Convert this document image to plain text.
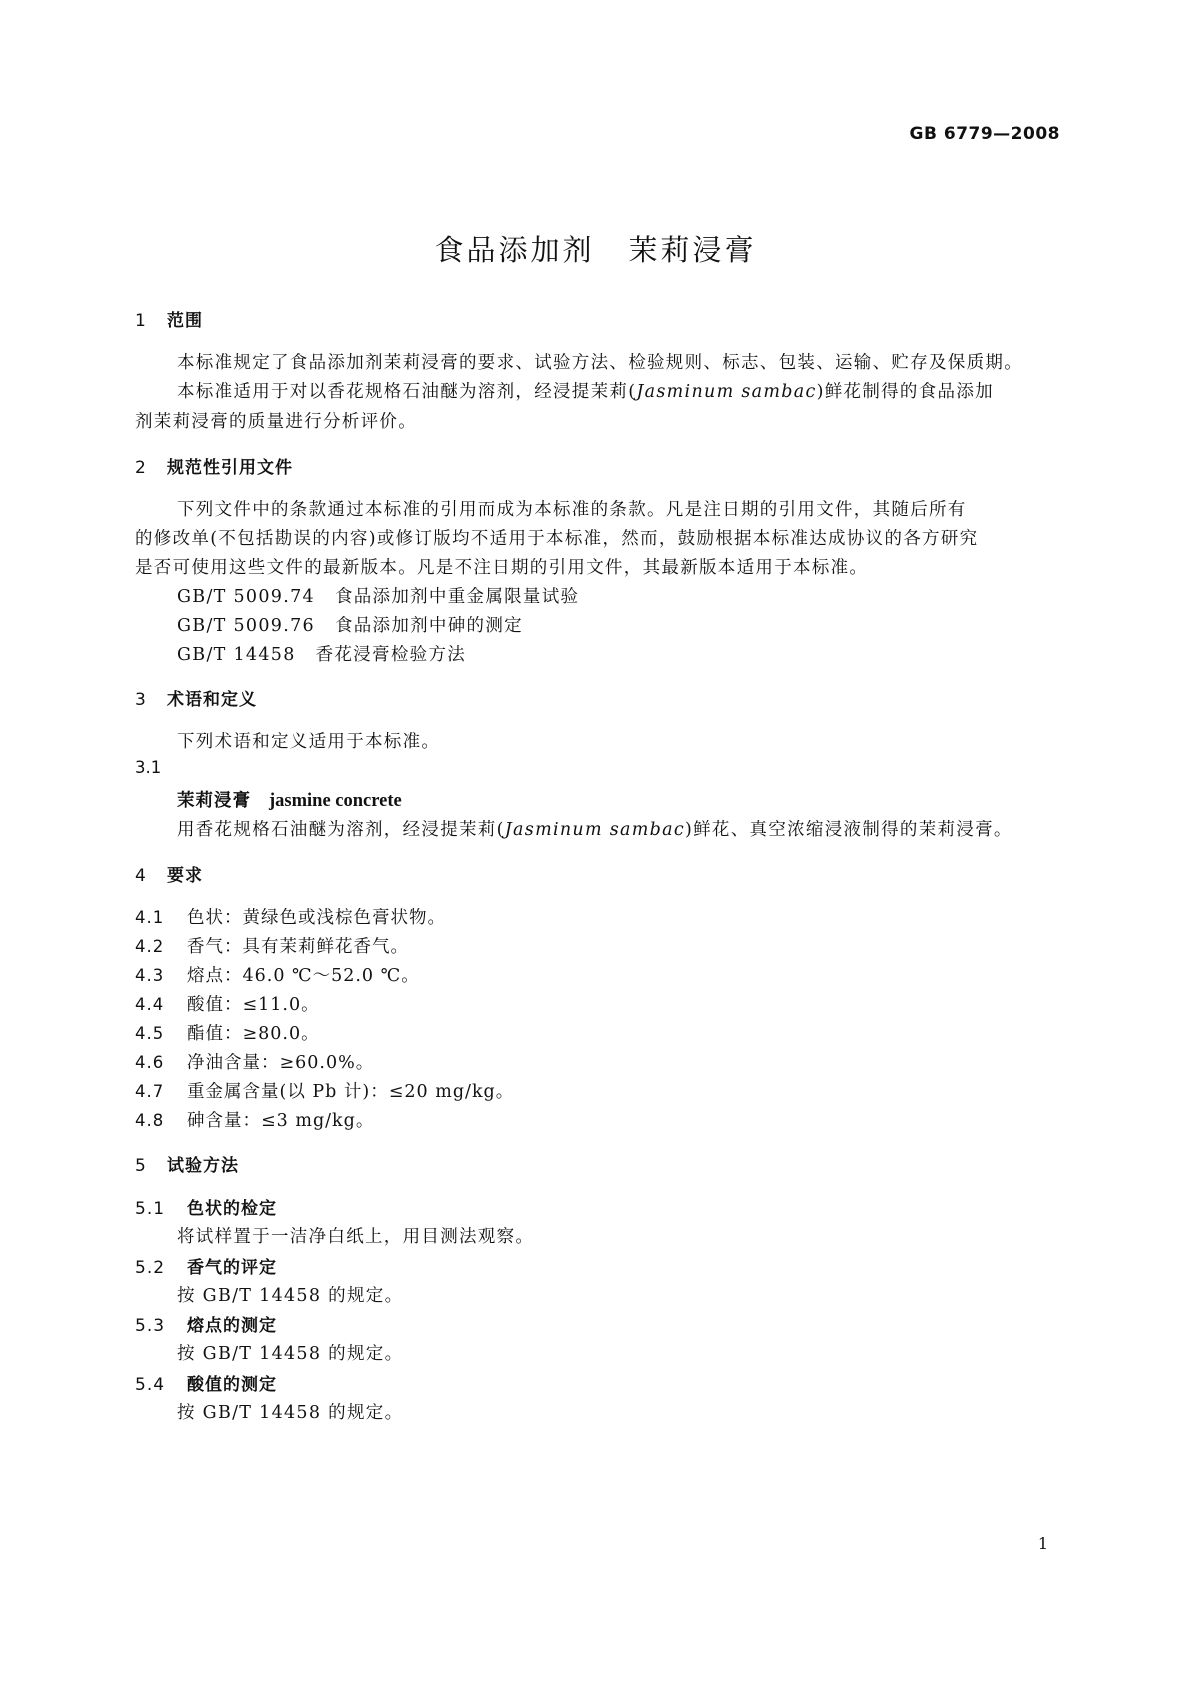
GB 6779—2008
食品添加剂 茉莉浸膏
1 范围
本标准规定了食品添加剂茉莉浸膏的要求、试验方法、检验规则、标志、包装、运输、贮存及保质期。
本标准适用于对以香花规格石油醚为溶剂，经浸提茉莉(Jasminum sambac)鲜花制得的食品添加
剂茉莉浸膏的质量进行分析评价。
2 规范性引用文件
下列文件中的条款通过本标准的引用而成为本标准的条款。凡是注日期的引用文件，其随后所有
的修改单(不包括勘误的内容)或修订版均不适用于本标准，然而，鼓励根据本标准达成协议的各方研究
是否可使用这些文件的最新版本。凡是不注日期的引用文件，其最新版本适用于本标准。
GB/T 5009.74 食品添加剂中重金属限量试验
GB/T 5009.76 食品添加剂中砷的测定
GB/T 14458 香花浸膏检验方法
3 术语和定义
下列术语和定义适用于本标准。
3.1
茉莉浸膏 jasmine concrete
用香花规格石油醚为溶剂，经浸提茉莉(Jasminum sambac)鲜花、真空浓缩浸液制得的茉莉浸膏。
4 要求
4.1 色状：黄绿色或浅棕色膏状物。
4.2 香气：具有茉莉鲜花香气。
4.3 熔点：46.0 ℃～52.0 ℃。
4.4 酸值：≤11.0。
4.5 酯值：≥80.0。
4.6 净油含量：≥60.0%。
4.7 重金属含量(以 Pb 计)：≤20 mg/kg。
4.8 砷含量：≤3 mg/kg。
5 试验方法
5.1 色状的检定
将试样置于一洁净白纸上，用目测法观察。
5.2 香气的评定
按 GB/T 14458 的规定。
5.3 熔点的测定
按 GB/T 14458 的规定。
5.4 酸值的测定
按 GB/T 14458 的规定。
1
